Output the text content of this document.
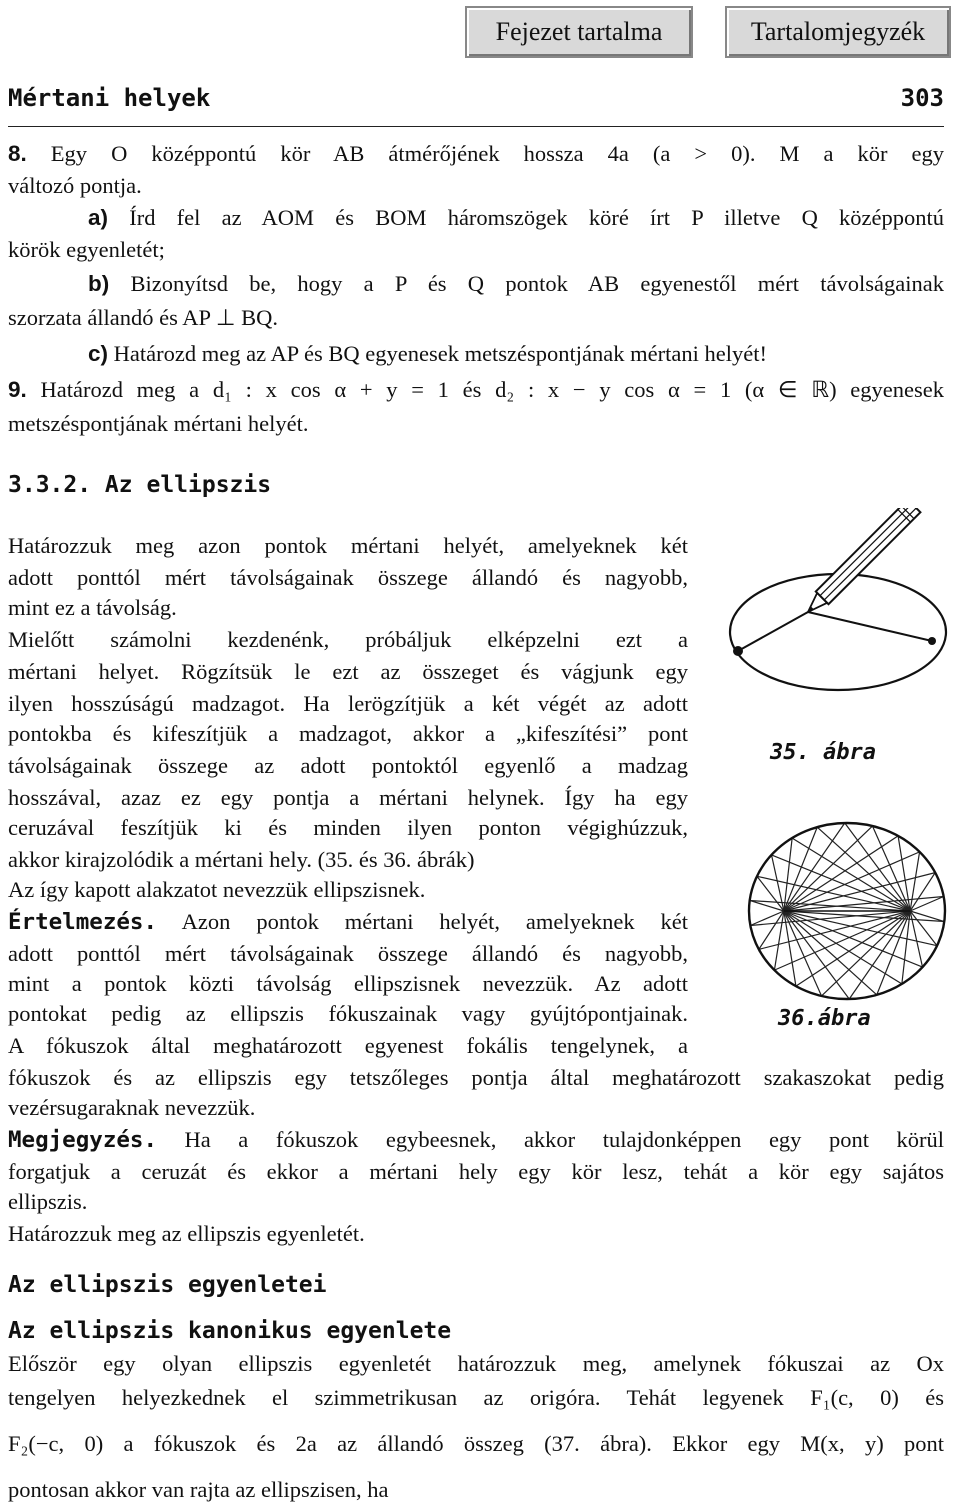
Fejezet tartalma	Tartalomjegyzék
Mértani helyek	303
8. Egy O középpontú kör AB átmérőjének hossza 4a (a > 0). M a kör egy
változó pontja.
a) Írd fel az AOM és BOM háromszögek köré írt P illetve Q középpontú
körök egyenletét;
b) Bizonyítsd be, hogy a P és Q pontok AB egyenestől mért távolságainak
szorzata állandó és AP ⊥ BQ.
c) Határozd meg az AP és BQ egyenesek metszéspontjának mértani helyét!
9. Határozd meg a d₁ : x cos α + y = 1 és d₂ : x − y cos α = 1 (α ∈ ℝ) egyenesek
metszéspontjának mértani helyét.
3.3.2. Az ellipszis
Határozzuk meg azon pontok mértani helyét, amelyeknek két
adott ponttól mért távolságainak összege állandó és nagyobb,
mint ez a távolság.
Mielőtt számolni kezdenénk, próbáljuk elképzelni ezt a
mértani helyet. Rögzítsük le ezt az összeget és vágjunk egy
ilyen hosszúságú madzagot. Ha lerögzítjük a két végét az adott
pontokba és kifeszítjük a madzagot, akkor a „kifeszítési” pont
távolságainak összege az adott pontoktól egyenlő a madzag
hosszával, azaz ez egy pontja a mértani helynek. Így ha egy
ceruzával feszítjük ki és minden ilyen ponton végighúzzuk,
akkor kirajzolódik a mértani hely. (35. és 36. ábrák)
Az így kapott alakzatot nevezzük ellipszisnek.
35. ábra
36.ábra
Értelmezés. Azon pontok mértani helyét, amelyeknek két
adott ponttól mért távolságainak összege állandó és nagyobb,
mint a pontok közti távolság ellipszisnek nevezzük. Az adott
pontokat pedig az ellipszis fókuszainak vagy gyújtópontjainak.
A fókuszok által meghatározott egyenest fokális tengelynek, a
fókuszok és az ellipszis egy tetszőleges pontja által meghatározott szakaszokat pedig
vezérsugaraknak nevezzük.
Megjegyzés. Ha a fókuszok egybeesnek, akkor tulajdonképpen egy pont körül
forgatjuk a ceruzát és ekkor a mértani hely egy kör lesz, tehát a kör egy sajátos
ellipszis.
Határozzuk meg az ellipszis egyenletét.
Az ellipszis egyenletei
Az ellipszis kanonikus egyenlete
Először egy olyan ellipszis egyenletét határozzuk meg, amelynek fókuszai az Ox
tengelyen helyezkednek el szimmetrikusan az origóra. Tehát legyenek F₁(c, 0) és
F₂(−c, 0) a fókuszok és 2a az állandó összeg (37. ábra). Ekkor egy M(x, y) pont
pontosan akkor van rajta az ellipszisen, ha
